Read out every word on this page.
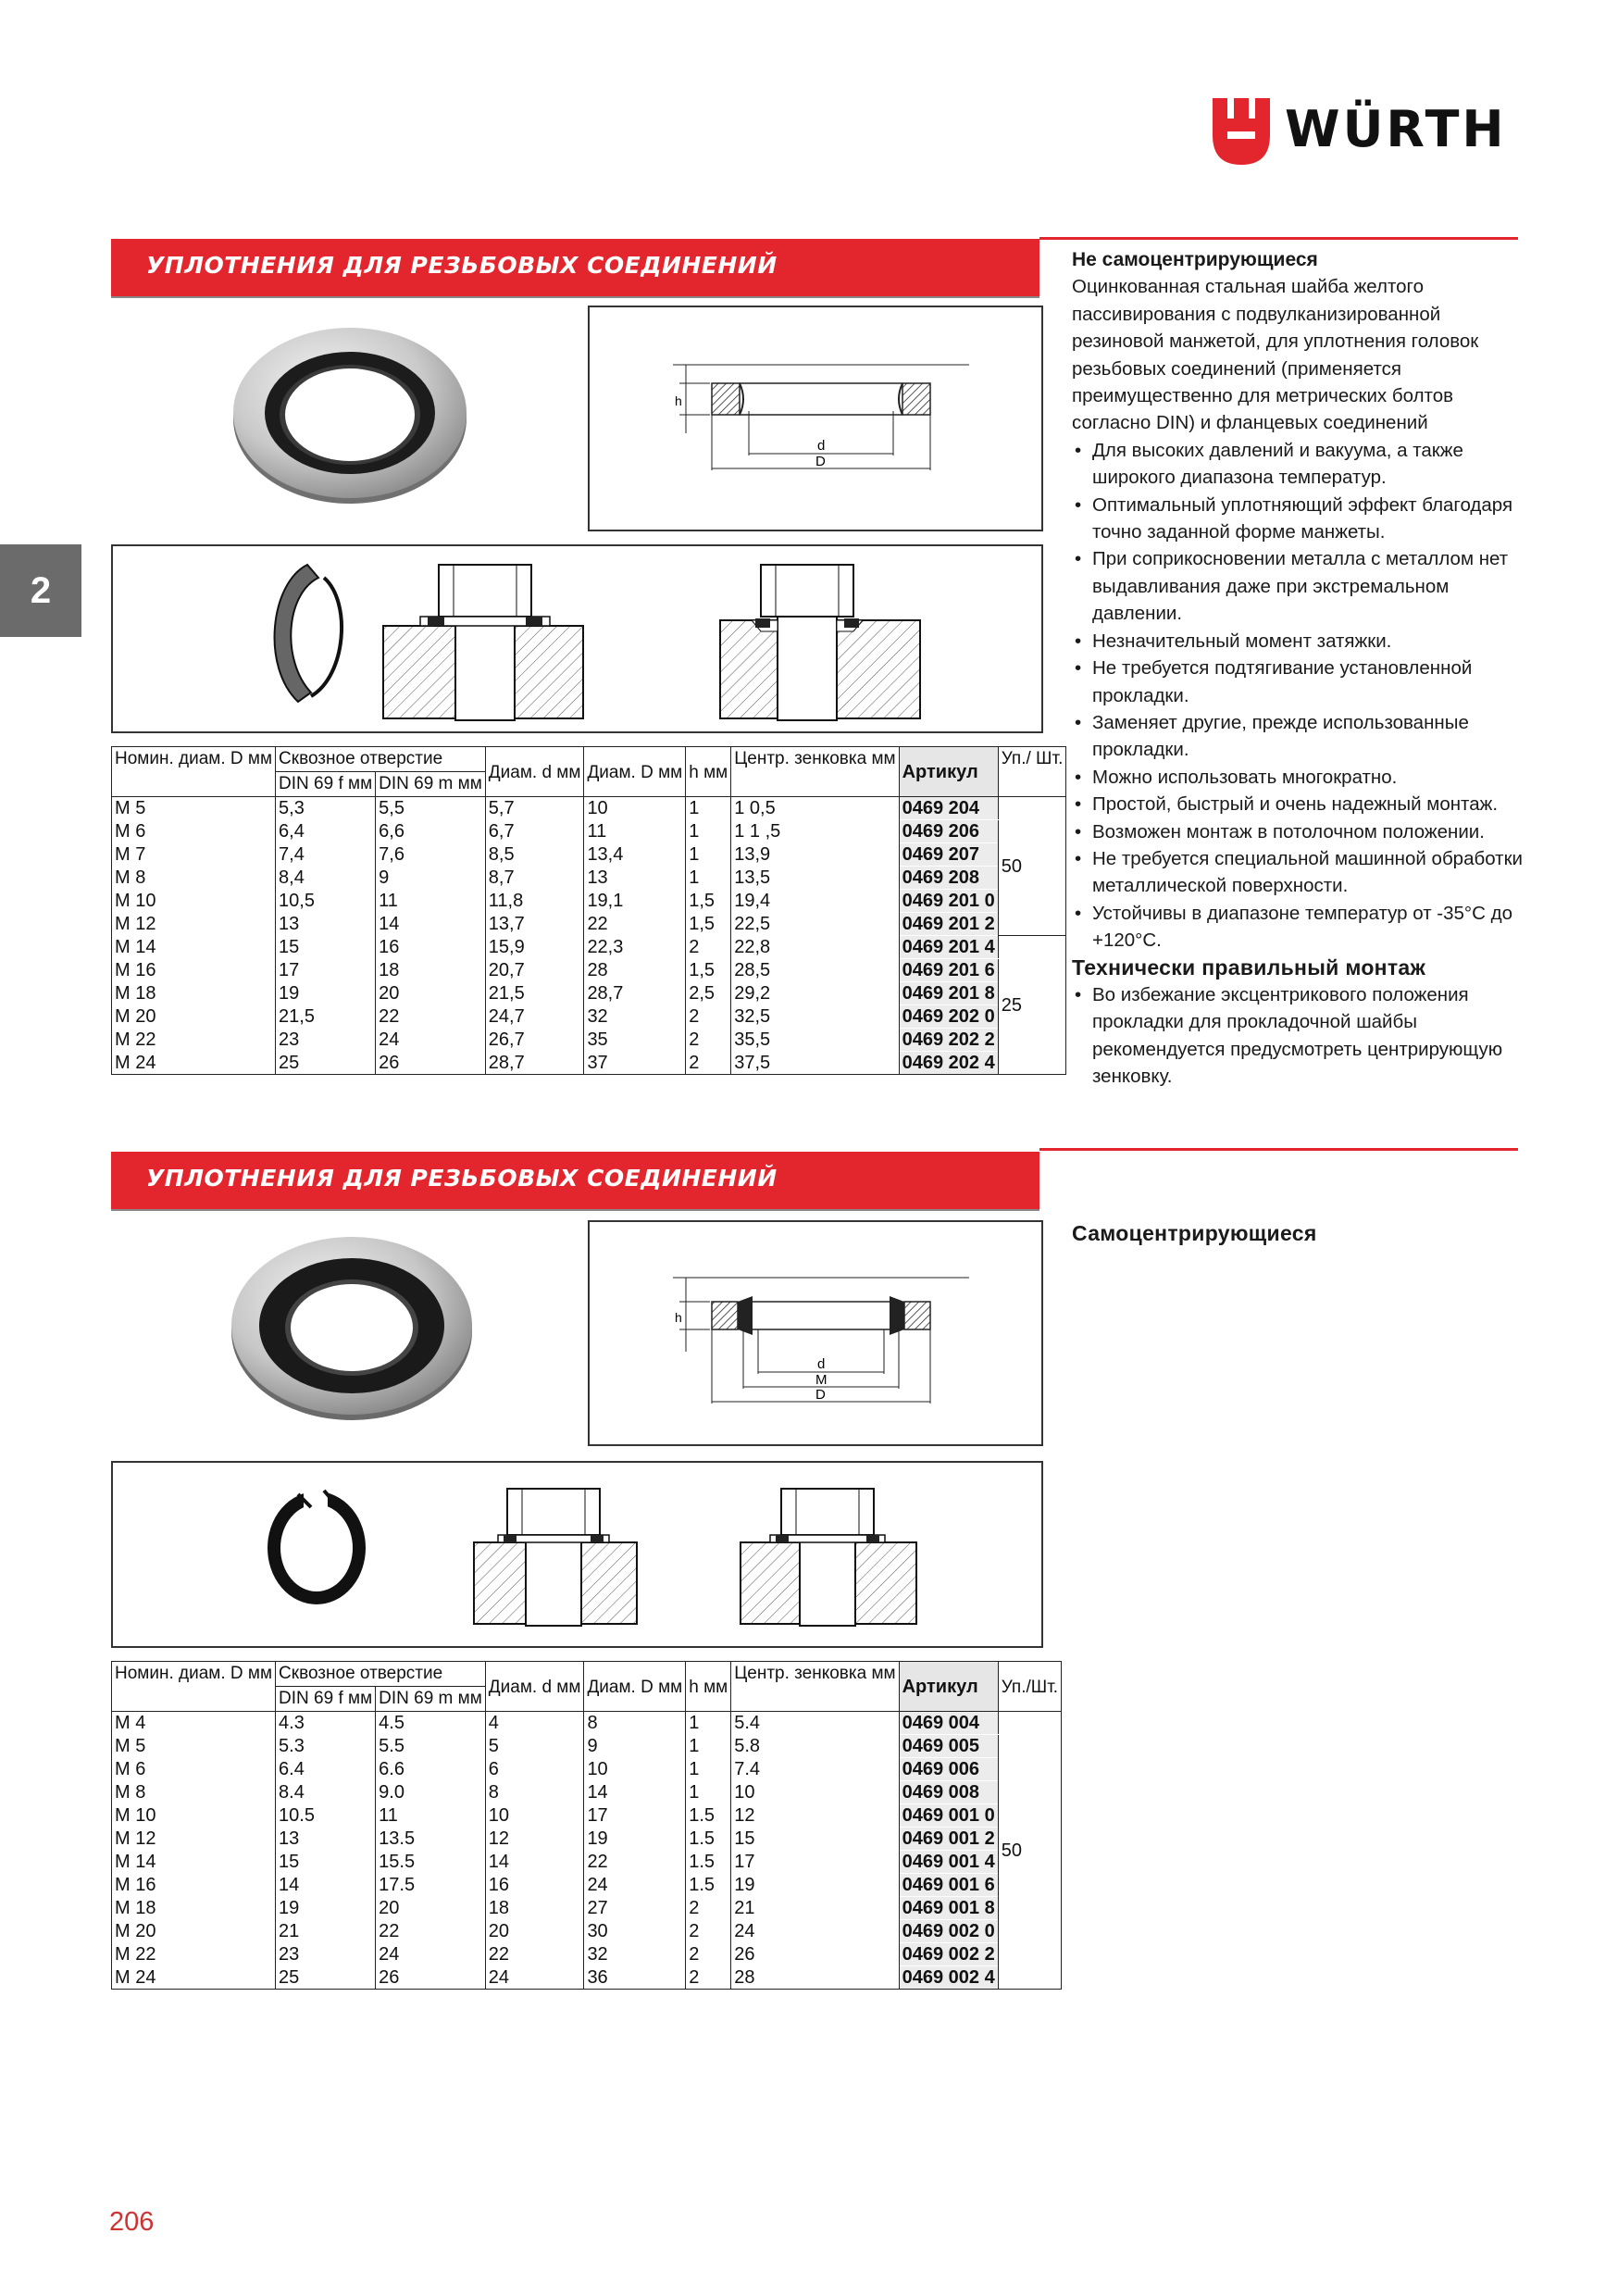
WÜRTH
2
УПЛОТНЕНИЯ ДЛЯ РЕЗЬБОВЫХ СОЕДИНЕНИЙ
h
d
D
Номин. диам. D мм	Сквозное отверстие		Диам. d мм	Диам. D мм	h мм	Центр. зенковка мм	Артикул	Уп./ Шт.
	DIN 69 f мм	DIN 69 m мм						
M 5	5,3	5,5	5,7	10	1	1 0,5	0469 204	50
M 6	6,4	6,6	6,7	11	1	1 1 ,5	0469 206	
M 7	7,4	7,6	8,5	13,4	1	13,9	0469 207	
M 8	8,4	9	8,7	13	1	13,5	0469 208	
M 10	10,5	11	11,8	19,1	1,5	19,4	0469 201 0	
M 12	13	14	13,7	22	1,5	22,5	0469 201 2	
M 14	15	16	15,9	22,3	2	22,8	0469 201 4	25
M 16	17	18	20,7	28	1,5	28,5	0469 201 6	
M 18	19	20	21,5	28,7	2,5	29,2	0469 201 8	
M 20	21,5	22	24,7	32	2	32,5	0469 202 0	
M 22	23	24	26,7	35	2	35,5	0469 202 2	
M 24	25	26	28,7	37	2	37,5	0469 202 4	
Не самоцентрирующиеся
Оцинкованная стальная шайба желтого пассивирования с подвулканизированной резиновой манжетой, для уплотнения головок резьбовых соединений (применяется преимущественно для метрических болтов согласно DIN) и фланцевых соединений
• Для высоких давлений и вакуума, а также широкого диапазона температур.
• Оптимальный уплотняющий эффект благодаря точно заданной форме манжеты.
• При соприкосновении металла с металлом нет выдавливания даже при экстремальном давлении.
• Незначительный момент затяжки.
• Не требуется подтягивание установленной прокладки.
• Заменяет другие, прежде использованные прокладки.
• Можно использовать многократно.
• Простой, быстрый и очень надежный монтаж.
• Возможен монтаж в потолочном положении.
• Не требуется специальной машинной обработки металлической поверхности.
• Устойчивы в диапазоне температур от -35°C до +120°C.
Технически правильный монтаж
• Во избежание эксцентрикового положения прокладки для прокладочной шайбы рекомендуется предусмотреть центрирующую зенковку.
УПЛОТНЕНИЯ ДЛЯ РЕЗЬБОВЫХ СОЕДИНЕНИЙ
Самоцентрирующиеся
h
d
M
D
Номин. диам. D мм	Сквозное отверстие		Диам. d мм	Диам. D мм	h мм	Центр. зенковка мм	Артикул	Уп./Шт.
	DIN 69 f мм	DIN 69 m мм						
M 4	4.3	4.5	4	8	1	5.4	0469 004	50
M 5	5.3	5.5	5	9	1	5.8	0469 005	
M 6	6.4	6.6	6	10	1	7.4	0469 006	
M 8	8.4	9.0	8	14	1	10	0469 008	
M 10	10.5	11	10	17	1.5	12	0469 001 0	
M 12	13	13.5	12	19	1.5	15	0469 001 2	
M 14	15	15.5	14	22	1.5	17	0469 001 4	
M 16	14	17.5	16	24	1.5	19	0469 001 6	
M 18	19	20	18	27	2	21	0469 001 8	
M 20	21	22	20	30	2	24	0469 002 0	
M 22	23	24	22	32	2	26	0469 002 2	
M 24	25	26	24	36	2	28	0469 002 4	
206
